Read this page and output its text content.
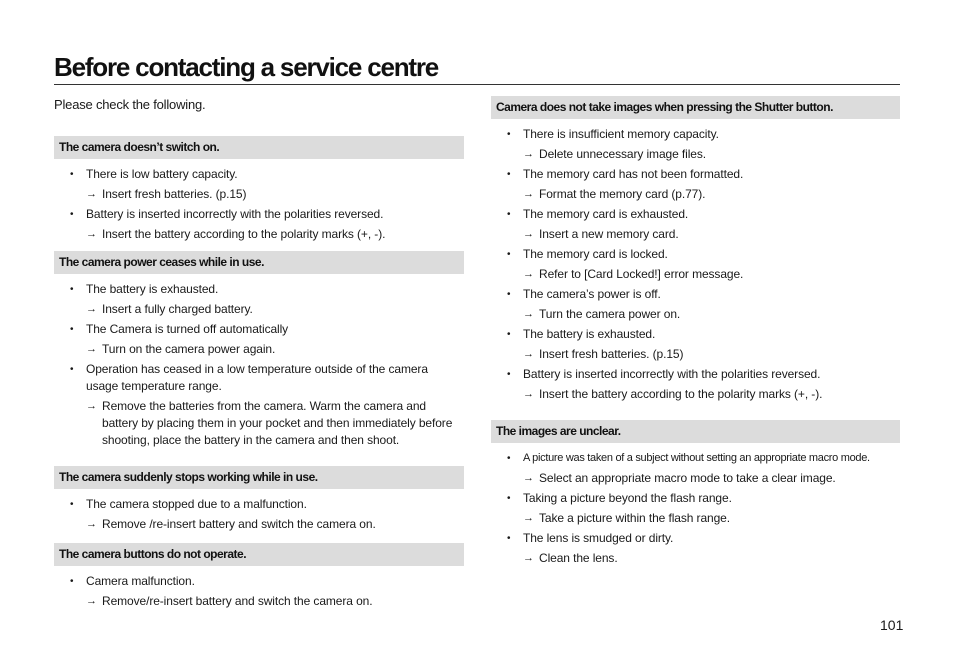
Before contacting a service centre
Please check the following.
The camera doesn’t switch on.
• There is low battery capacity.
→ Insert fresh batteries. (p.15)
• Battery is inserted incorrectly with the polarities reversed.
→ Insert the battery according to the polarity marks (+, -).
The camera power ceases while in use.
• The battery is exhausted.
→ Insert a fully charged battery.
• The Camera is turned off automatically
→ Turn on the camera power again.
• Operation has ceased in a low temperature outside of the camera usage temperature range.
→ Remove the batteries from the camera. Warm the camera and battery by placing them in your pocket and then immediately before shooting, place the battery in the camera and then shoot.
The camera suddenly stops working while in use.
• The camera stopped due to a malfunction.
→ Remove /re-insert battery and switch the camera on.
The camera buttons do not operate.
• Camera malfunction.
→ Remove/re-insert battery and switch the camera on.
Camera does not take images when pressing the Shutter button.
• There is insufficient memory capacity.
→ Delete unnecessary image files.
• The memory card has not been formatted.
→ Format the memory card (p.77).
• The memory card is exhausted.
→ Insert a new memory card.
• The memory card is locked.
→ Refer to [Card Locked!] error message.
• The camera’s power is off.
→ Turn the camera power on.
• The battery is exhausted.
→ Insert fresh batteries. (p.15)
• Battery is inserted incorrectly with the polarities reversed.
→ Insert the battery according to the polarity marks (+, -).
The images are unclear.
• A picture was taken of a subject without setting an appropriate macro mode.
→ Select an appropriate macro mode to take a clear image.
• Taking a picture beyond the flash range.
→ Take a picture within the flash range.
• The lens is smudged or dirty.
→ Clean the lens.
101
